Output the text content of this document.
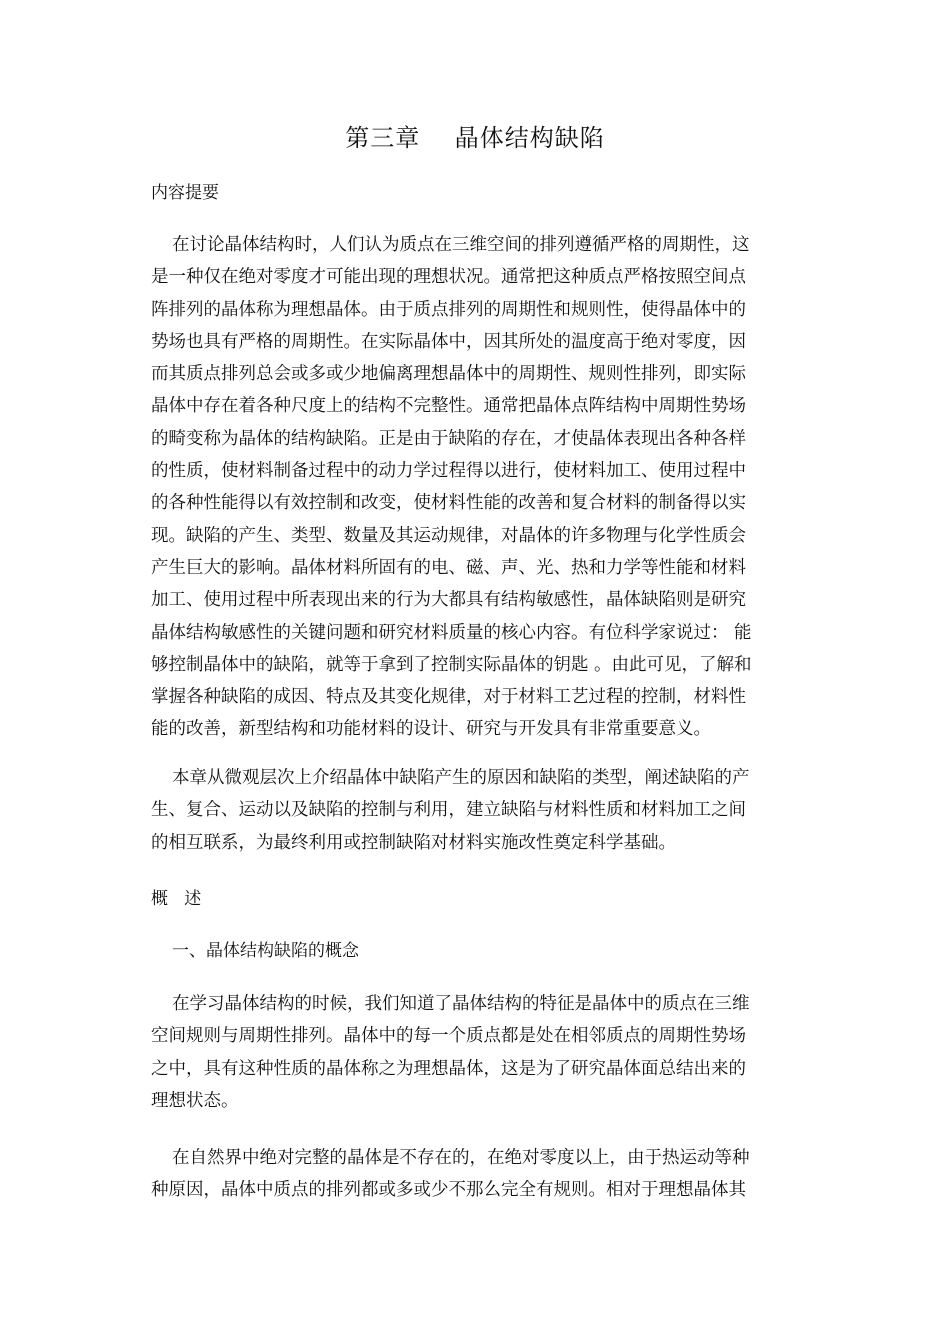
第三章    晶体结构缺陷
内容提要
在讨论晶体结构时，人们认为质点在三维空间的排列遵循严格的周期性，这
是一种仅在绝对零度才可能出现的理想状况。通常把这种质点严格按照空间点
阵排列的晶体称为理想晶体。由于质点排列的周期性和规则性，使得晶体中的
势场也具有严格的周期性。在实际晶体中，因其所处的温度高于绝对零度，因
而其质点排列总会或多或少地偏离理想晶体中的周期性、规则性排列，即实际
晶体中存在着各种尺度上的结构不完整性。通常把晶体点阵结构中周期性势场
的畸变称为晶体的结构缺陷。正是由于缺陷的存在，才使晶体表现出各种各样
的性质，使材料制备过程中的动力学过程得以进行，使材料加工、使用过程中
的各种性能得以有效控制和改变，使材料性能的改善和复合材料的制备得以实
现。缺陷的产生、类型、数量及其运动规律，对晶体的许多物理与化学性质会
产生巨大的影响。晶体材料所固有的电、磁、声、光、热和力学等性能和材料
加工、使用过程中所表现出来的行为大都具有结构敏感性，晶体缺陷则是研究
晶体结构敏感性的关键问题和研究材料质量的核心内容。有位科学家说过： 能
够控制晶体中的缺陷，就等于拿到了控制实际晶体的钥匙 。由此可见，了解和
掌握各种缺陷的成因、特点及其变化规律，对于材料工艺过程的控制，材料性
能的改善，新型结构和功能材料的设计、研究与开发具有非常重要意义。
本章从微观层次上介绍晶体中缺陷产生的原因和缺陷的类型，阐述缺陷的产
生、复合、运动以及缺陷的控制与利用，建立缺陷与材料性质和材料加工之间
的相互联系，为最终利用或控制缺陷对材料实施改性奠定科学基础。
概   述
一、晶体结构缺陷的概念
在学习晶体结构的时候，我们知道了晶体结构的特征是晶体中的质点在三维
空间规则与周期性排列。晶体中的每一个质点都是处在相邻质点的周期性势场
之中，具有这种性质的晶体称之为理想晶体，这是为了研究晶体面总结出来的
理想状态。
在自然界中绝对完整的晶体是不存在的，在绝对零度以上，由于热运动等种
种原因，晶体中质点的排列都或多或少不那么完全有规则。相对于理想晶体其
